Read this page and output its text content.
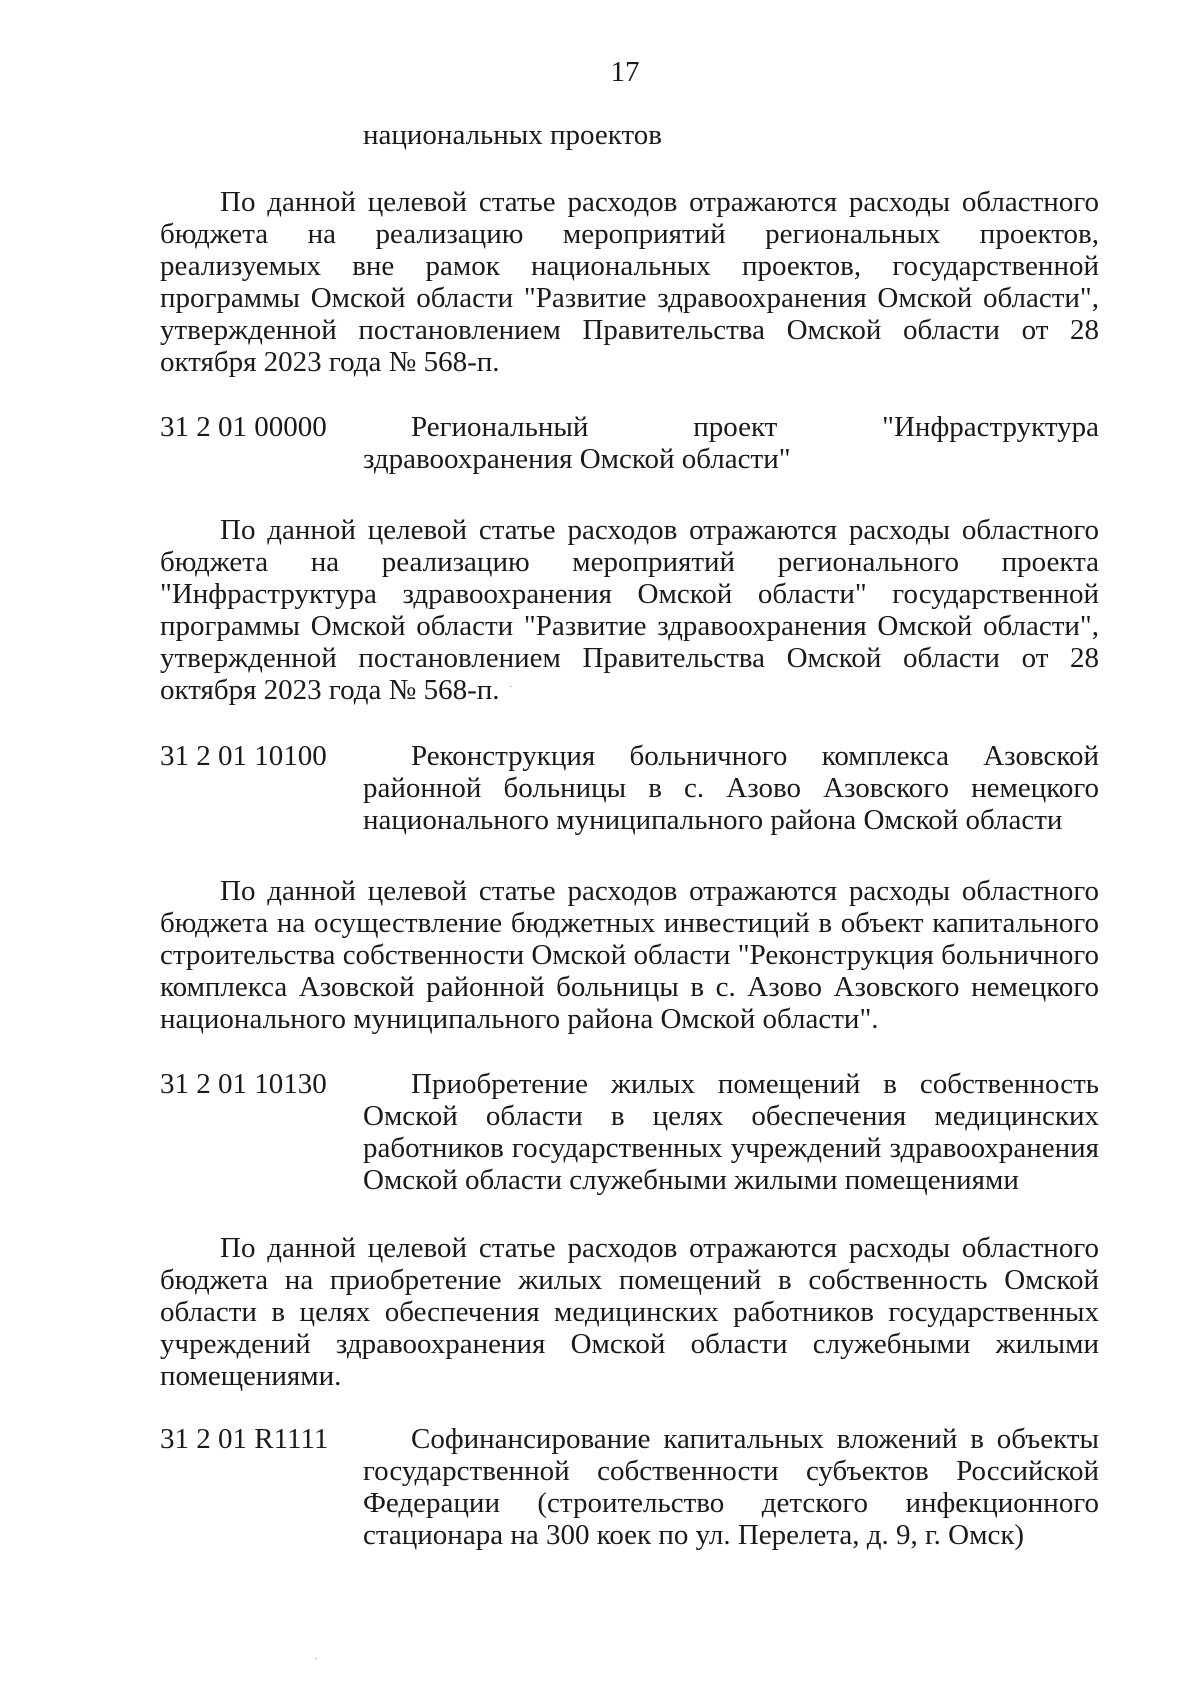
17
национальных проектов

По данной целевой статье расходов отражаются расходы областного бюджета на реализацию мероприятий региональных проектов, реализуемых вне рамок национальных проектов, государственной программы Омской области "Развитие здравоохранения Омской области", утвержденной постановлением Правительства Омской области от 28 октября 2023 года № 568-п.

31 2 01 00000	Региональный проект "Инфраструктура здравоохранения Омской области"

По данной целевой статье расходов отражаются расходы областного бюджета на реализацию мероприятий регионального проекта "Инфраструктура здравоохранения Омской области" государственной программы Омской области "Развитие здравоохранения Омской области", утвержденной постановлением Правительства Омской области от 28 октября 2023 года № 568-п.

31 2 01 10100	Реконструкция больничного комплекса Азовской районной больницы в с. Азово Азовского немецкого национального муниципального района Омской области

По данной целевой статье расходов отражаются расходы областного бюджета на осуществление бюджетных инвестиций в объект капитального строительства собственности Омской области "Реконструкция больничного комплекса Азовской районной больницы в с. Азово Азовского немецкого национального муниципального района Омской области".

31 2 01 10130	Приобретение жилых помещений в собственность Омской области в целях обеспечения медицинских работников государственных учреждений здравоохранения Омской области служебными жилыми помещениями

По данной целевой статье расходов отражаются расходы областного бюджета на приобретение жилых помещений в собственность Омской области в целях обеспечения медицинских работников государственных учреждений здравоохранения Омской области служебными жилыми помещениями.

31 2 01 R1111	Софинансирование капитальных вложений в объекты государственной собственности субъектов Российской Федерации (строительство детского инфекционного стационара на 300 коек по ул. Перелета, д. 9, г. Омск)
